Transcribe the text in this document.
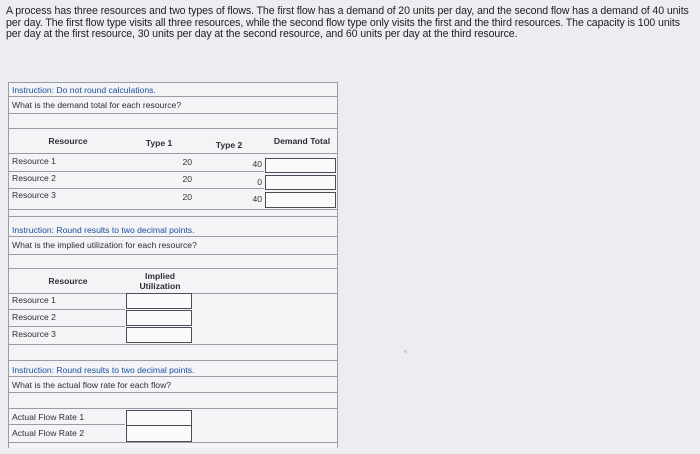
A process has three resources and two types of flows. The first flow has a demand of 20 units per day, and the second flow has a demand of 40 units per day. The first flow type visits all three resources, while the second flow type only visits the first and the third resources. The capacity is 100 units per day at the first resource, 30 units per day at the second resource, and 60 units per day at the third resource.
Instruction: Do not round calculations.
What is the demand total for each resource?
Resource	Type 1	Type 2	Demand Total
Resource 1	20	40
Resource 2	20	0
Resource 3	20	40
Instruction: Round results to two decimal points.
What is the implied utilization for each resource?
Resource	Implied Utilization
Resource 1
Resource 2
Resource 3
Instruction: Round results to two decimal points.
What is the actual flow rate for each flow?
Actual Flow Rate 1
Actual Flow Rate 2
